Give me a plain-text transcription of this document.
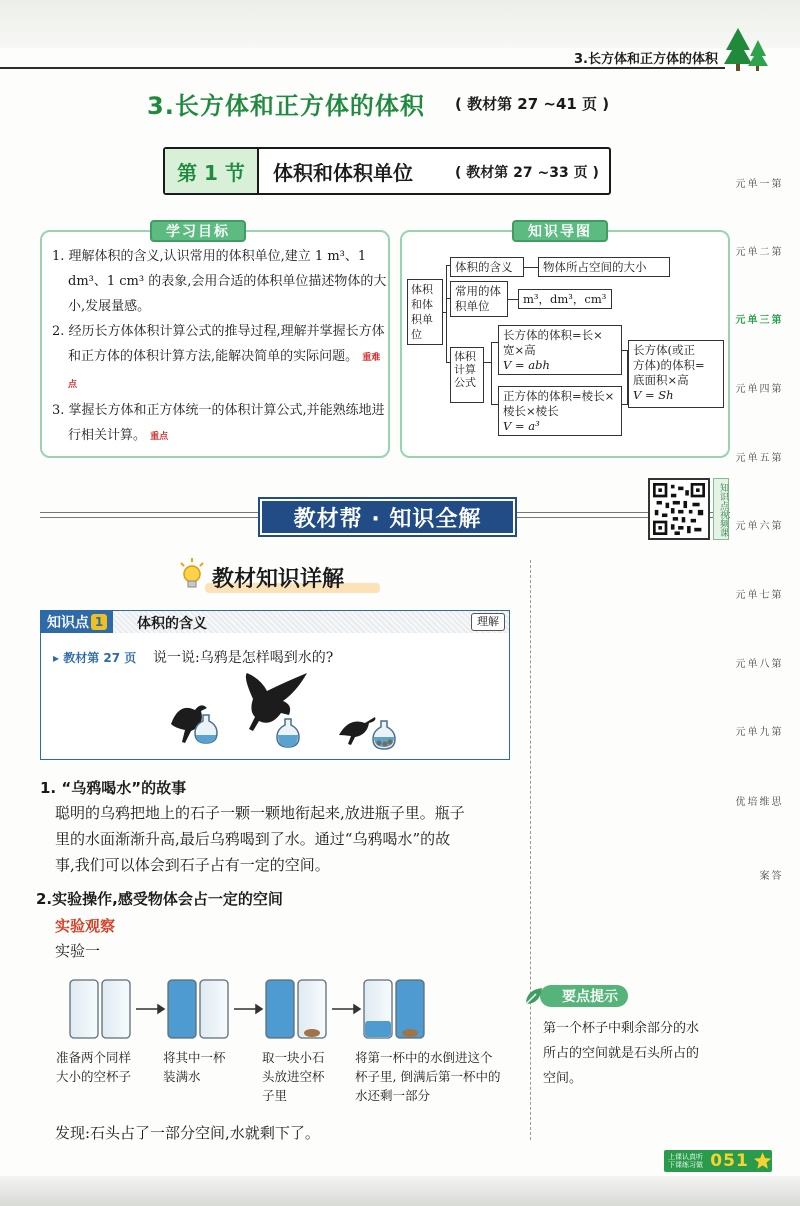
3.长方体和正方体的体积
3.长方体和正方体的体积 ( 教材第 27 ~41 页 )
第 1 节	体积和体积单位	( 教材第 27 ~33 页 )
学习目标
1. 理解体积的含义,认识常用的体积单位,建立 1 m³、1 dm³、1 cm³ 的表象,会用合适的体积单位描述物体的大小,发展量感。
2. 经历长方体体积计算公式的推导过程,理解并掌握长方体和正方体的体积计算方法,能解决简单的实际问题。 重难点
3. 掌握长方体和正方体统一的体积计算公式,并能熟练地进行相关计算。 重点
知识导图
体积和体积单位
体积的含义	物体所占空间的大小
常用的体积单位	m³，dm³，cm³
体积计算公式
长方体的体积=长×
宽×高
V = abh
正方体的体积=棱长×
棱长×棱长
V = a³
长方体(或正
方体)的体积=
底面积×高
V = Sh
教材帮 · 知识全解	知识点视频课
第一单元
第二单元
第三单元
第四单元
第五单元
第六单元
第七单元
第八单元
第九单元
思维培优
答　案
教材知识详解
知识点 1 体积的含义	理解
▸ 教材第 27 页 说一说:乌鸦是怎样喝到水的?
1. “乌鸦喝水”的故事
聪明的乌鸦把地上的石子一颗一颗地衔起来,放进瓶子里。瓶子
里的水面渐渐升高,最后乌鸦喝到了水。通过“乌鸦喝水”的故
事,我们可以体会到石子占有一定的空间。
2.实验操作,感受物体会占一定的空间
实验观察
实验一
准备两个同样
大小的空杯子
将其中一杯
装满水
取一块小石
头放进空杯
子里
将第一杯中的水倒进这个
杯子里, 倒满后第一杯中的
水还剩一部分
发现:石头占了一部分空间,水就剩下了。
要点提示
第一个杯子中剩余部分的水
所占的空间就是石头所占的
空间。
上课认真听
下课练习做 051
